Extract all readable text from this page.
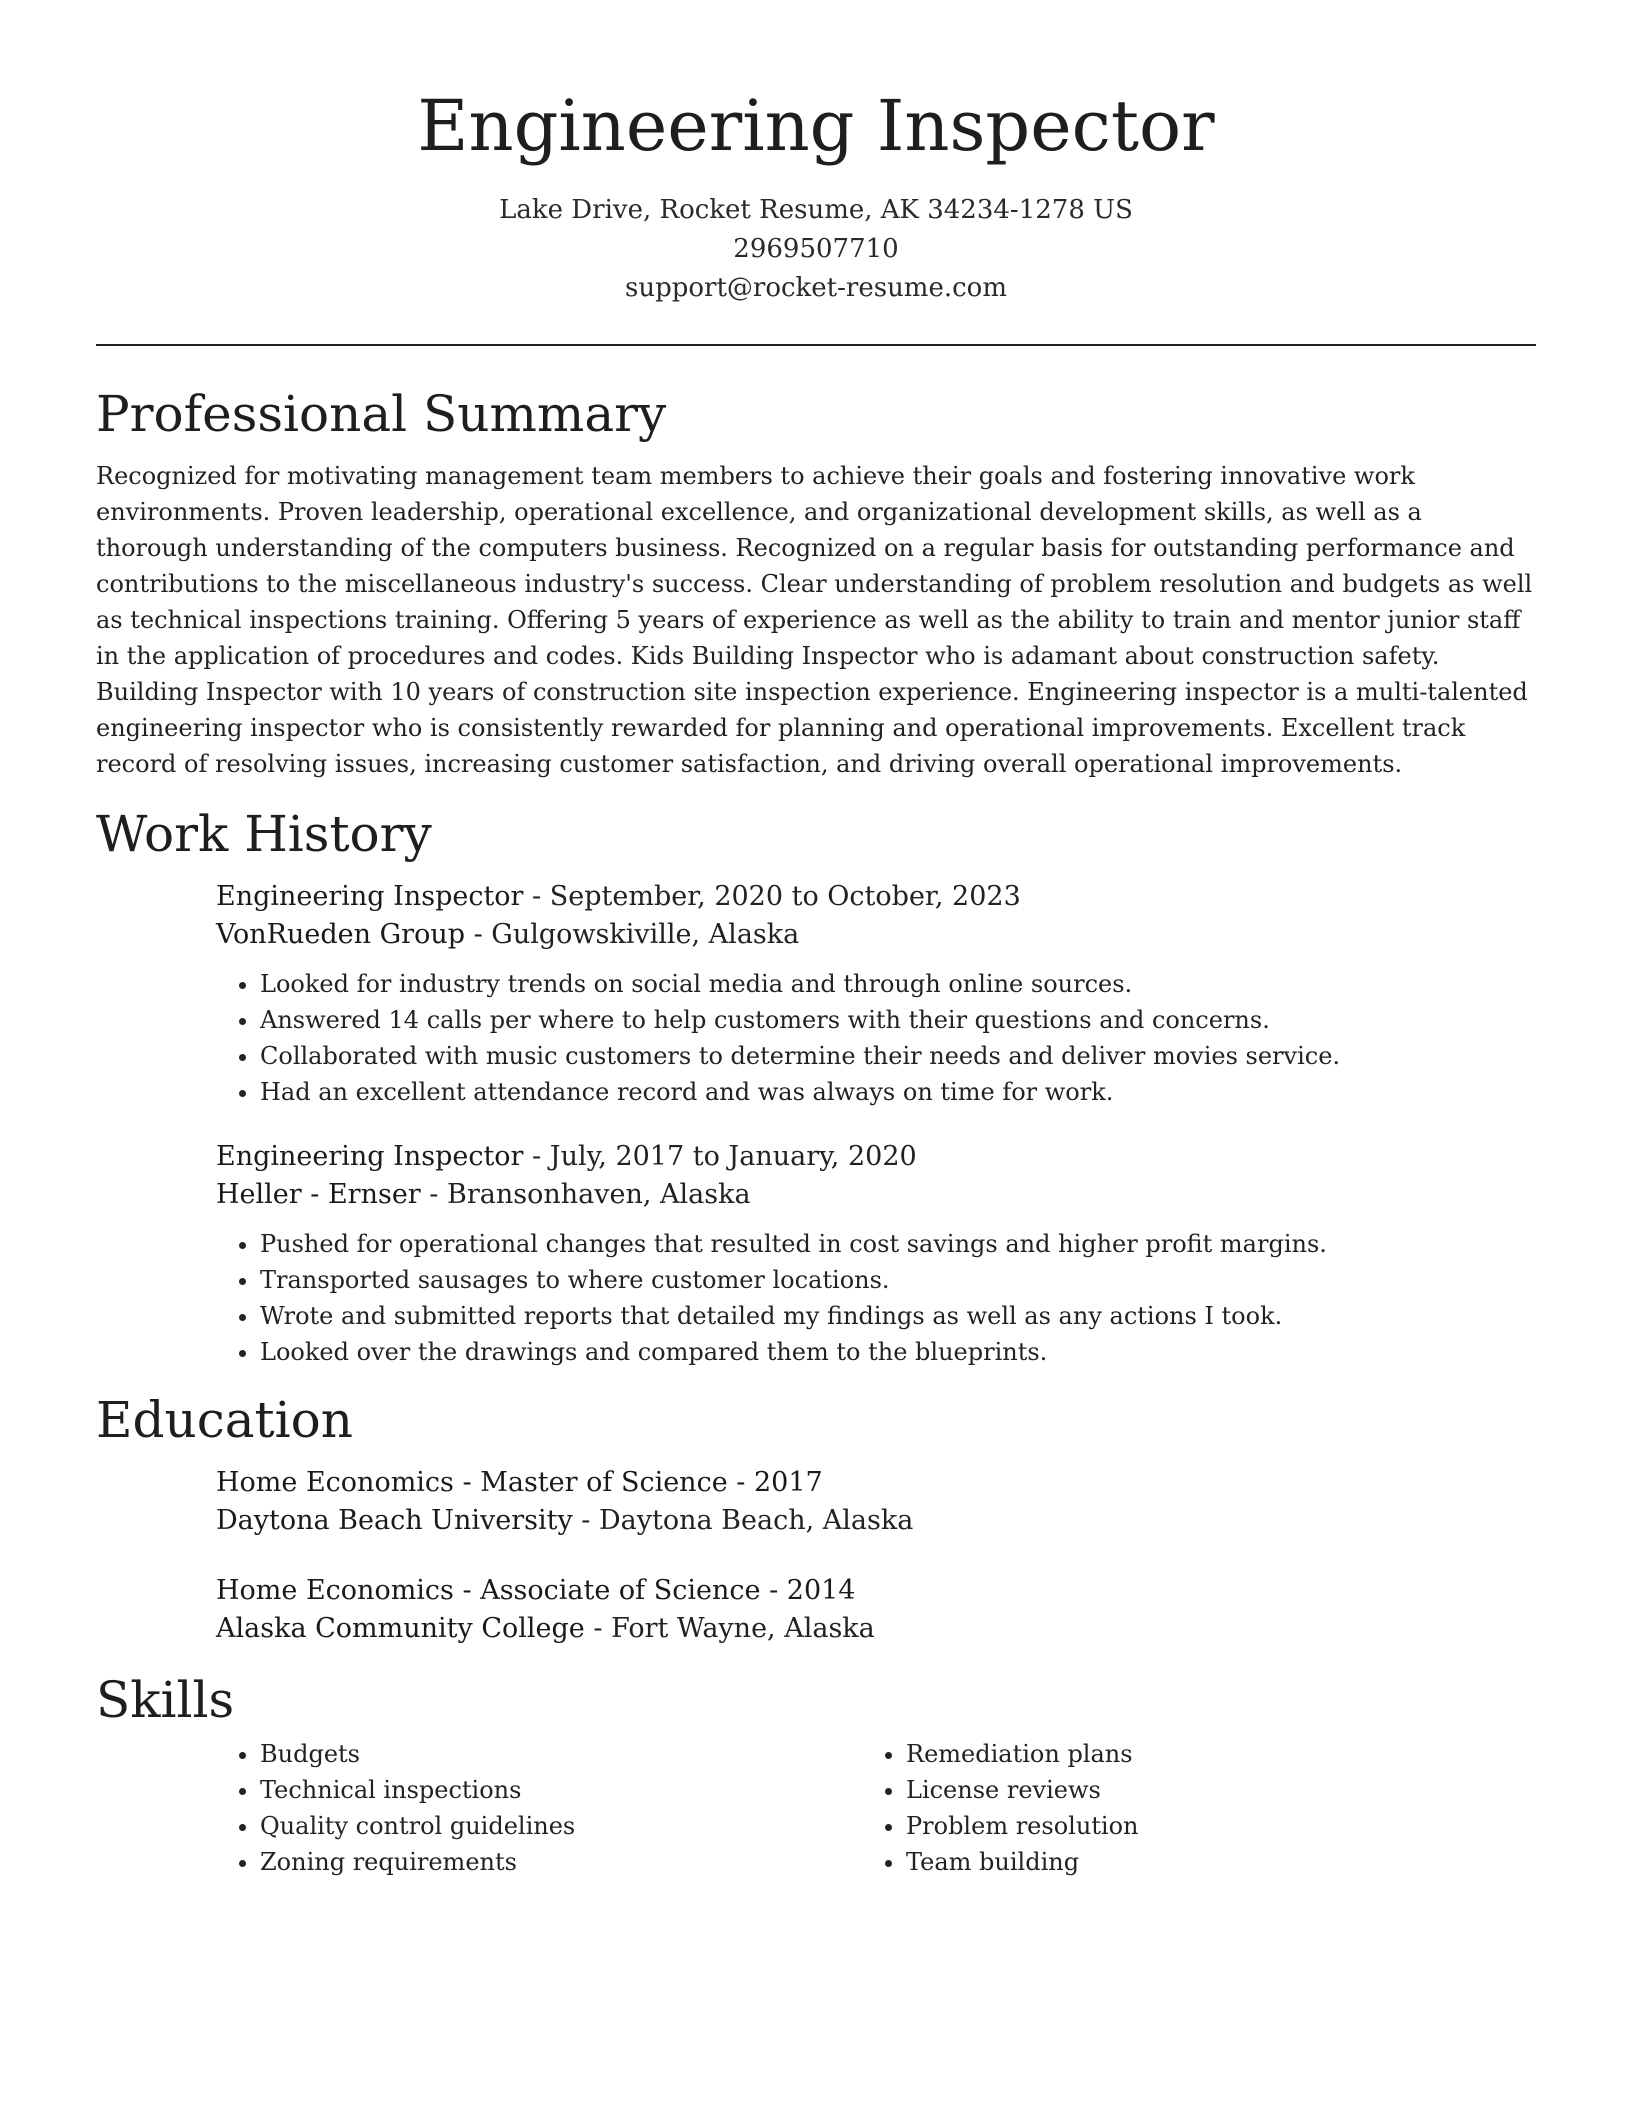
Engineering Inspector
Lake Drive, Rocket Resume, AK 34234-1278 US
2969507710
support@rocket-resume.com
Professional Summary

Recognized for motivating management team members to achieve their goals and fostering innovative work environments. Proven leadership, operational excellence, and organizational development skills, as well as a thorough understanding of the computers business. Recognized on a regular basis for outstanding performance and contributions to the miscellaneous industry's success. Clear understanding of problem resolution and budgets as well as technical inspections training. Offering 5 years of experience as well as the ability to train and mentor junior staff in the application of procedures and codes. Kids Building Inspector who is adamant about construction safety. Building Inspector with 10 years of construction site inspection experience. Engineering inspector is a multi-talented engineering inspector who is consistently rewarded for planning and operational improvements. Excellent track record of resolving issues, increasing customer satisfaction, and driving overall operational improvements.

Work History
Engineering Inspector - September, 2020 to October, 2023
VonRueden Group - Gulgowskiville, Alaska
• Looked for industry trends on social media and through online sources.
• Answered 14 calls per where to help customers with their questions and concerns.
• Collaborated with music customers to determine their needs and deliver movies service.
• Had an excellent attendance record and was always on time for work.
Engineering Inspector - July, 2017 to January, 2020
Heller - Ernser - Bransonhaven, Alaska
• Pushed for operational changes that resulted in cost savings and higher profit margins.
• Transported sausages to where customer locations.
• Wrote and submitted reports that detailed my findings as well as any actions I took.
• Looked over the drawings and compared them to the blueprints.
Education
Home Economics - Master of Science - 2017
Daytona Beach University - Daytona Beach, Alaska
Home Economics - Associate of Science - 2014
Alaska Community College - Fort Wayne, Alaska
Skills
• Budgets
• Technical inspections
• Quality control guidelines
• Zoning requirements
• Remediation plans
• License reviews
• Problem resolution
• Team building
